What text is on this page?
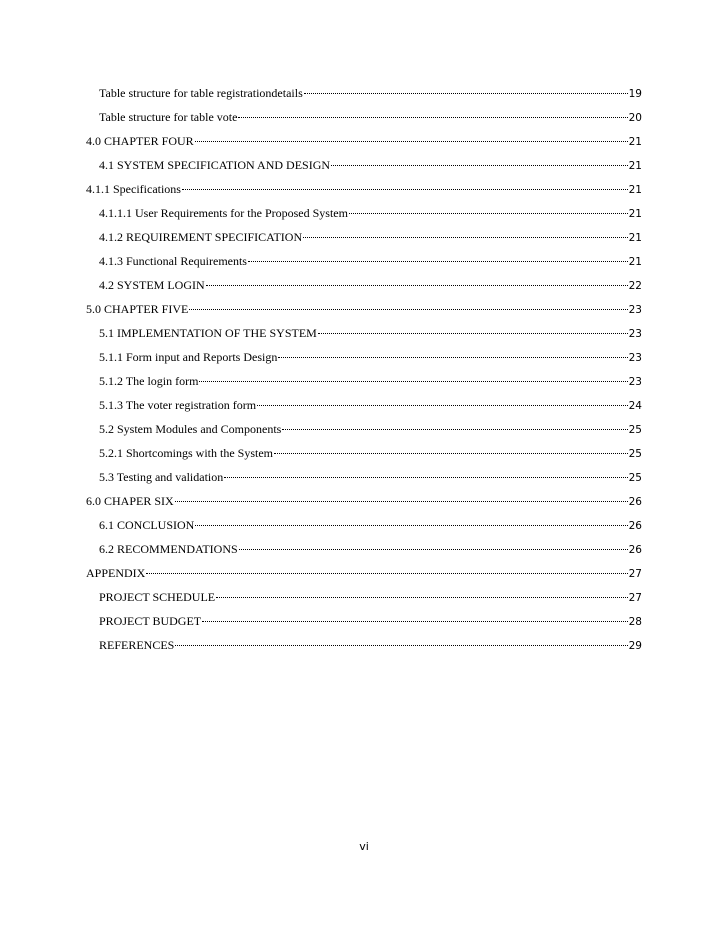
Table structure for table registrationdetails	19
Table structure for table vote	20
4.0 CHAPTER FOUR	21
4.1 SYSTEM SPECIFICATION AND DESIGN	21
4.1.1 Specifications	21
4.1.1.1 User Requirements for the Proposed System	21
4.1.2 REQUIREMENT SPECIFICATION	21
4.1.3 Functional Requirements	21
4.2 SYSTEM LOGIN	22
5.0 CHAPTER FIVE	23
5.1 IMPLEMENTATION OF THE SYSTEM	23
5.1.1 Form input and Reports Design	23
5.1.2 The login form	23
5.1.3 The voter registration form	24
5.2 System Modules and Components	25
5.2.1 Shortcomings with the System	25
5.3 Testing and validation	25
6.0 CHAPER SIX	26
6.1 CONCLUSION	26
6.2 RECOMMENDATIONS	26
APPENDIX	27
PROJECT SCHEDULE	27
PROJECT BUDGET	28
REFERENCES	29
vi
